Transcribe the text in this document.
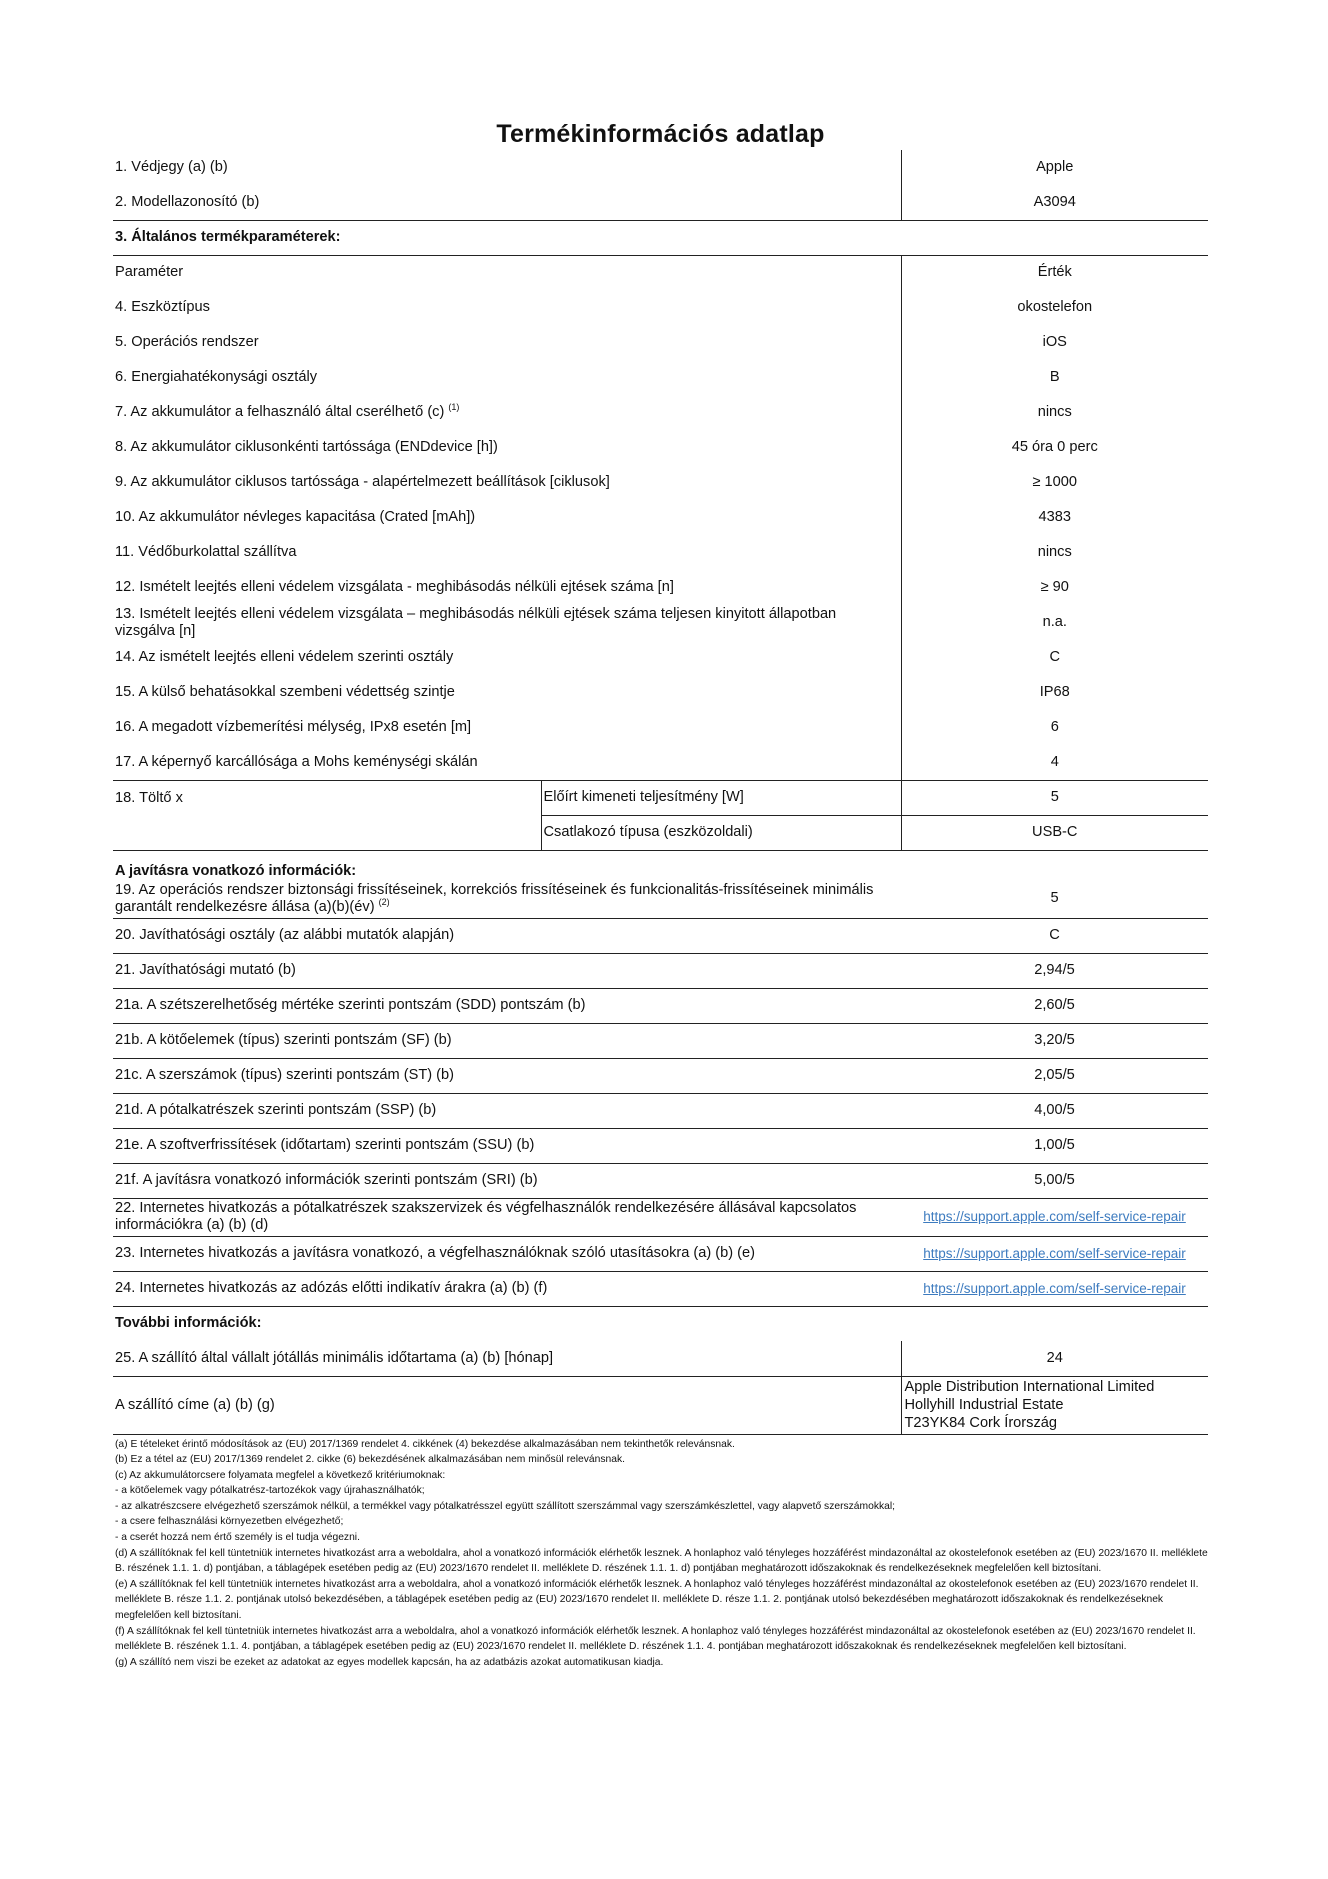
Termékinformációs adatlap
1. Védjegy (a) (b)		Apple
2. Modellazonosító (b)		A3094
3. Általános termékparaméterek:		
Paraméter		Érték
4. Eszköztípus		okostelefon
5. Operációs rendszer		iOS
6. Energiahatékonysági osztály		B
7. Az akkumulátor a felhasználó által cserélhető (c) $^{(1)}$		nincs
8. Az akkumulátor ciklusonkénti tartóssága (ENDdevice [h])		45 óra 0 perc
9. Az akkumulátor ciklusos tartóssága - alapértelmezett beállítások [ciklusok]		≥ 1000
10. Az akkumulátor névleges kapacitása (Crated [mAh])		4383
11. Védőburkolattal szállítva		nincs
12. Ismételt leejtés elleni védelem vizsgálata - meghibásodás nélküli ejtések száma [n]		≥ 90
13. Ismételt leejtés elleni védelem vizsgálata – meghibásodás nélküli ejtések száma teljesen kinyitott állapotban vizsgálva [n]		n.a.
14. Az ismételt leejtés elleni védelem szerinti osztály		C
15. A külső behatásokkal szembeni védettség szintje		IP68
16. A megadott vízbemerítési mélység, IPx8 esetén [m]		6
17. A képernyő karcállósága a Mohs keménységi skálán		4
18. Töltő x	Előírt kimeneti teljesítmény [W]	5
	Csatlakozó típusa (eszközoldali)	USB-C
A javításra vonatkozó információk:		
19. Az operációs rendszer biztonsági frissítéseinek, korrekciós frissítéseinek és funkcionalitás-frissítéseinek minimális garantált rendelkezésre állása (a)(b)(év) $^{(2)}$		5
20. Javíthatósági osztály (az alábbi mutatók alapján)		C
21. Javíthatósági mutató (b)		2,94/5
21a. A szétszerelhetőség mértéke szerinti pontszám (SDD) pontszám (b)		2,60/5
21b. A kötőelemek (típus) szerinti pontszám (SF) (b)		3,20/5
21c. A szerszámok (típus) szerinti pontszám (ST) (b)		2,05/5
21d. A pótalkatrészek szerinti pontszám (SSP) (b)		4,00/5
21e. A szoftverfrissítések (időtartam) szerinti pontszám (SSU) (b)		1,00/5
21f. A javításra vonatkozó információk szerinti pontszám (SRI) (b)		5,00/5
22. Internetes hivatkozás a pótalkatrészek szakszervizek és végfelhasználók rendelkezésére állásával kapcsolatos információkra (a) (b) (d)		https://support.apple.com/self-service-repair
23. Internetes hivatkozás a javításra vonatkozó, a végfelhasználóknak szóló utasításokra (a) (b) (e)		https://support.apple.com/self-service-repair
24. Internetes hivatkozás az adózás előtti indikatív árakra (a) (b) (f)		https://support.apple.com/self-service-repair
További információk:		
25. A szállító által vállalt jótállás minimális időtartama (a) (b) [hónap]		24
A szállító címe (a) (b) (g)		Apple Distribution International Limited
Hollyhill Industrial Estate
T23YK84 Cork Írország
(a) E tételeket érintő módosítások az (EU) 2017/1369 rendelet 4. cikkének (4) bekezdése alkalmazásában nem tekinthetők relevánsnak.
(b) Ez a tétel az (EU) 2017/1369 rendelet 2. cikke (6) bekezdésének alkalmazásában nem minősül relevánsnak.
(c) Az akkumulátorcsere folyamata megfelel a következő kritériumoknak:
- a kötőelemek vagy pótalkatrész-tartozékok vagy újrahasználhatók;
- az alkatrészcsere elvégezhető szerszámok nélkül, a termékkel vagy pótalkatrésszel együtt szállított szerszámmal vagy szerszámkészlettel, vagy alapvető szerszámokkal;
- a csere felhasználási környezetben elvégezhető;
- a cserét hozzá nem értő személy is el tudja végezni.
(d) A szállítóknak fel kell tüntetniük internetes hivatkozást arra a weboldalra, ahol a vonatkozó információk elérhetők lesznek. A honlaphoz való tényleges hozzáférést mindazonáltal az okostelefonok esetében az (EU) 2023/1670 II. melléklete B. részének 1.1. 1. d) pontjában, a táblagépek esetében pedig az (EU) 2023/1670 rendelet II. melléklete D. részének 1.1. 1. d) pontjában meghatározott időszakoknak és rendelkezéseknek megfelelően kell biztosítani.
(e) A szállítóknak fel kell tüntetniük internetes hivatkozást arra a weboldalra, ahol a vonatkozó információk elérhetők lesznek. A honlaphoz való tényleges hozzáférést mindazonáltal az okostelefonok esetében az (EU) 2023/1670 rendelet II. melléklete B. része 1.1. 2. pontjának utolsó bekezdésében, a táblagépek esetében pedig az (EU) 2023/1670 rendelet II. melléklete D. része 1.1. 2. pontjának utolsó bekezdésében meghatározott időszakoknak és rendelkezéseknek megfelelően kell biztosítani.
(f) A szállítóknak fel kell tüntetniük internetes hivatkozást arra a weboldalra, ahol a vonatkozó információk elérhetők lesznek. A honlaphoz való tényleges hozzáférést mindazonáltal az okostelefonok esetében az (EU) 2023/1670 rendelet II. melléklete B. részének 1.1. 4. pontjában, a táblagépek esetében pedig az (EU) 2023/1670 rendelet II. melléklete D. részének 1.1. 4. pontjában meghatározott időszakoknak és rendelkezéseknek megfelelően kell biztosítani.
(g) A szállító nem viszi be ezeket az adatokat az egyes modellek kapcsán, ha az adatbázis azokat automatikusan kiadja.
